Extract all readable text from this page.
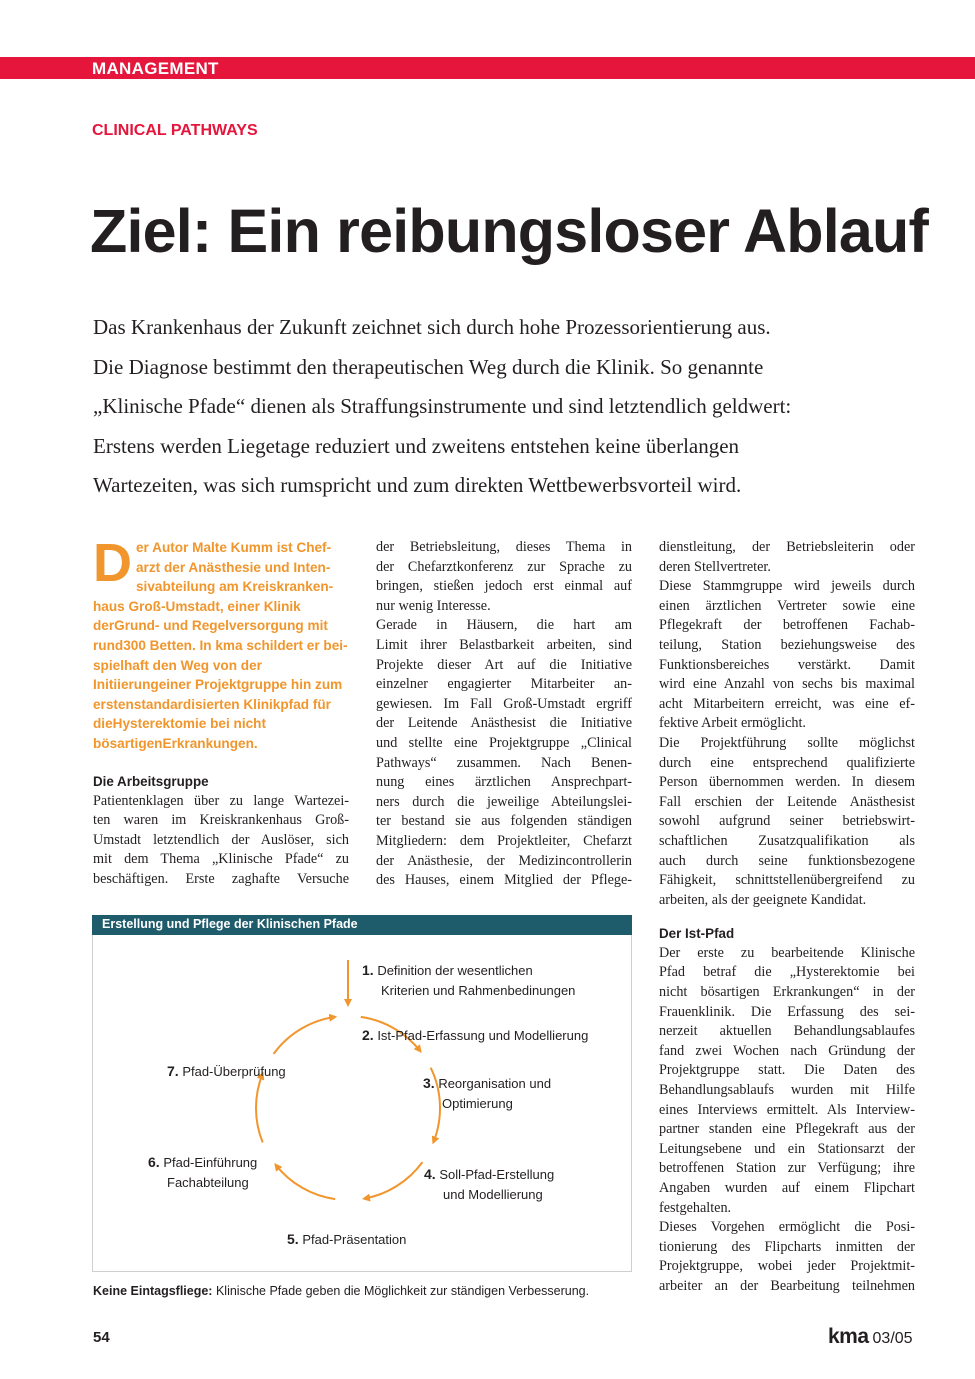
MANAGEMENT
CLINICAL PATHWAYS
Ziel: Ein reibungsloser Ablauf
Das Krankenhaus der Zukunft zeichnet sich durch hohe Prozessorientierung aus.
Die Diagnose bestimmt den therapeutischen Weg durch die Klinik. So genannte
„Klinische Pfade“ dienen als Straffungsinstrumente und sind letztendlich geldwert:
Erstens werden Liegetage reduziert und zweitens entstehen keine überlangen
Wartezeiten, was sich rumspricht und zum direkten Wettbewerbsvorteil wird.
D er Autor Malte Kumm ist Chef-arzt der Anästhesie und Inten-sivabteilung am Kreiskranken-haus Groß-Umstadt, einer Klinik derGrund- und Regelversorgung mit rund300 Betten. In kma schildert er bei-spielhaft den Weg von der Initiierungeiner Projektgruppe hin zum erstenstandardisierten Klinikpfad für dieHysterektomie bei nicht bösartigenErkrankungen.
Die Arbeitsgruppe
Patientenklagen über zu lange Wartezei-
ten waren im Kreiskrankenhaus Groß-
Umstadt letztendlich der Auslöser, sich
mit dem Thema „Klinische Pfade“ zu
beschäftigen. Erste zaghafte Versuche
der Betriebsleitung, dieses Thema in
der Chefarztkonferenz zur Sprache zu
bringen, stießen jedoch erst einmal auf
nur wenig Interesse.
Gerade in Häusern, die hart am
Limit ihrer Belastbarkeit arbeiten, sind
Projekte dieser Art auf die Initiative
einzelner engagierter Mitarbeiter an-
gewiesen. Im Fall Groß-Umstadt ergriff
der Leitende Anästhesist die Initiative
und stellte eine Projektgruppe „Clinical
Pathways“ zusammen. Nach Benen-
nung eines ärztlichen Ansprechpart-
ners durch die jeweilige Abteilungslei-
ter bestand sie aus folgenden ständigen
Mitgliedern: dem Projektleiter, Chefarzt
der Anästhesie, der Medizincontrollerin
des Hauses, einem Mitglied der Pflege-
dienstleitung, der Betriebsleiterin oder
deren Stellvertreter.
Diese Stammgruppe wird jeweils durch
einen ärztlichen Vertreter sowie eine
Pflegekraft der betroffenen Fachab-
teilung, Station beziehungsweise des
Funktionsbereiches verstärkt. Damit
wird eine Anzahl von sechs bis maximal
acht Mitarbeitern erreicht, was eine ef-
fektive Arbeit ermöglicht.
Die Projektführung sollte möglichst
durch eine entsprechend qualifizierte
Person übernommen werden. In diesem
Fall erschien der Leitende Anästhesist
sowohl aufgrund seiner betriebswirt-
schaftlichen Zusatzqualifikation als
auch durch seine funktionsbezogene
Fähigkeit, schnittstellenübergreifend zu
arbeiten, als der geeignete Kandidat.
Der Ist-Pfad
Der erste zu bearbeitende Klinische
Pfad betraf die „Hysterektomie bei
nicht bösartigen Erkrankungen“ in der
Frauenklinik. Die Erfassung des sei-
nerzeit aktuellen Behandlungsablaufes
fand zwei Wochen nach Gründung der
Projektgruppe statt. Die Daten des
Behandlungsablaufs wurden mit Hilfe
eines Interviews ermittelt. Als Interview-
partner standen eine Pflegekraft aus der
Leitungsebene und ein Stationsarzt der
betroffenen Station zur Verfügung; ihre
Angaben wurden auf einem Flipchart
festgehalten.
Dieses Vorgehen ermöglicht die Posi-
tionierung des Flipcharts inmitten der
Projektgruppe, wobei jeder Projektmit-
arbeiter an der Bearbeitung teilnehmen
Erstellung und Pflege der Klinischen Pfade
1. Definition der wesentlichen
Kriterien und Rahmenbedinungen
2. Ist-Pfad-Erfassung und Modellierung
3. Reorganisation und
Optimierung
4. Soll-Pfad-Erstellung
und Modellierung
5. Pfad-Präsentation
6. Pfad-Einführung
Fachabteilung
7. Pfad-Überprüfung
Keine Eintagsfliege: Klinische Pfade geben die Möglichkeit zur ständigen Verbesserung.
54	kma 03/05
